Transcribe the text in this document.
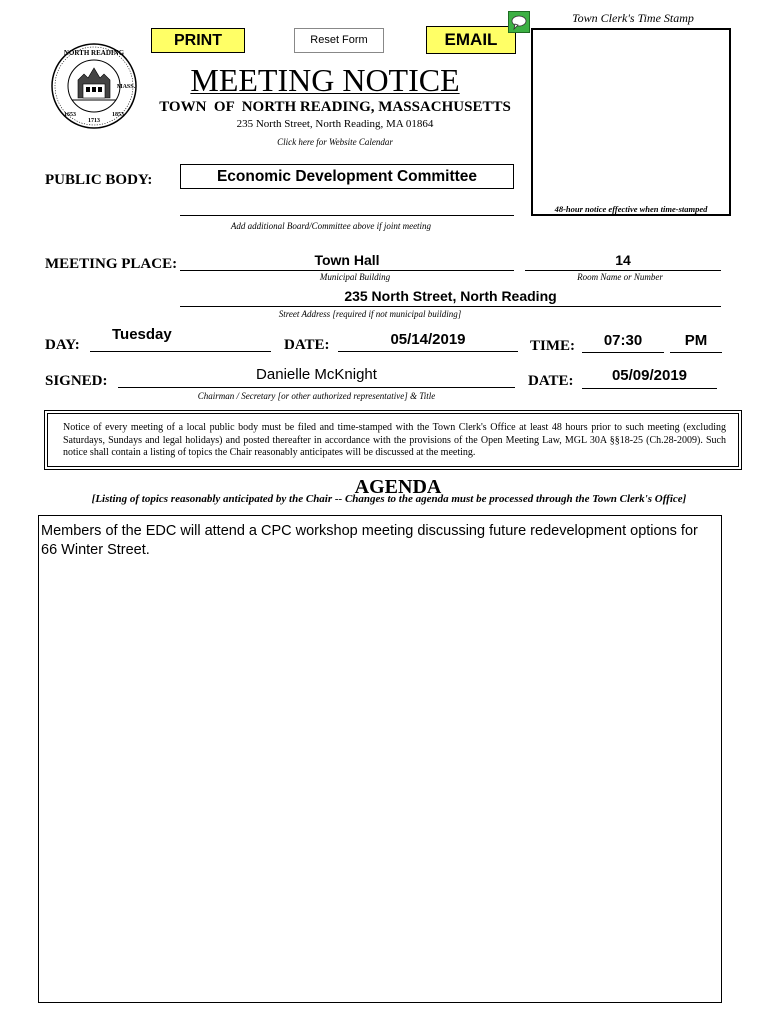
PRINT	Reset Form	EMAIL
NORTH READING
MASS.
1653	1853
1713
MEETING NOTICE
TOWN  OF  NORTH READING, MASSACHUSETTS
235 North Street, North Reading, MA 01864
Click here for Website Calendar
Town Clerk's Time Stamp
48-hour notice effective when time-stamped
PUBLIC BODY:	Economic Development Committee
Add additional Board/Committee above if joint meeting
MEETING PLACE:	Town Hall
Municipal Building
14
Room Name or Number
235 North Street, North Reading
Street Address [required if not municipal building]
DAY:
Tuesday
DATE:	05/14/2019	TIME:	07:30	PM
SIGNED:	Danielle McKnight
Chairman / Secretary [or other authorized representative] & Title
DATE:	05/09/2019
Notice of every meeting of a local public body must be filed and time-stamped with the Town Clerk's Office at least 48 hours prior to such meeting (excluding Saturdays, Sundays and legal holidays) and posted thereafter in accordance with the provisions of the Open Meeting Law, MGL 30A §§18-25 (Ch.28-2009). Such notice shall contain a listing of topics the Chair reasonably anticipates will be discussed at the meeting.
AGENDA
[Listing of topics reasonably anticipated by the Chair -- Changes to the agenda must be processed through the Town Clerk's Office]
Members of the EDC will attend a CPC workshop meeting discussing future redevelopment options for 66 Winter Street.
